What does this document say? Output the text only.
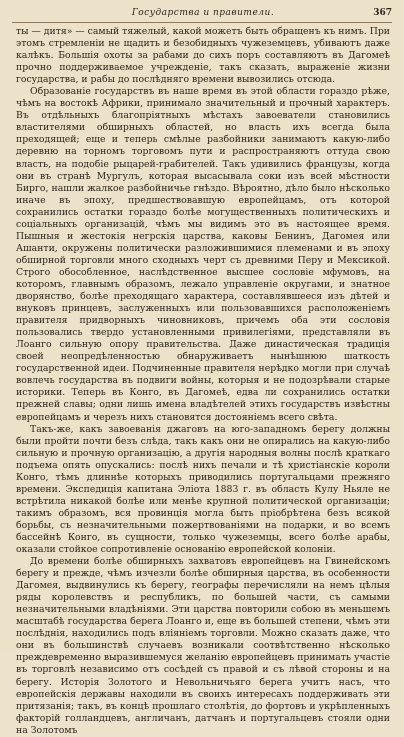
Государства и правители.	367

ты — дитя» — самый тяжелый, какой можетъ быть обращенъ къ нимъ. При этомъ стремленіи не щадить и безобидныхъ чужеземцевъ, убиваютъ даже калѣкъ. Большія охоты за рабами до сихъ поръ составляютъ въ Дагомеѣ прочно поддерживаемое учрежденіе, такъ сказать, выраженіе жизни государства, и рабы до послѣдняго времени вывозились отсюда.

Образованіе государствъ въ нашe время въ этой области гораздо рѣже, чѣмъ на востокѣ Африки, принимало значительный и прочный характеръ. Въ отдѣльныхъ благопріятныхъ мѣстахъ завоеватели становились властителями обширныхъ областей, но власть ихъ всегда была преходящей; еще и теперь смѣлые разбойники занимаютъ какую-либо деревню на торномъ торговомъ пути и распространяютъ оттуда свою власть, на подобіе рыцарей-грабителей. Такъ удивились французы, когда они въ странѣ Мургулъ, которая высасывала соки изъ всей мѣстности Бирго, нашли жалкое разбойничье гнѣздо. Вѣроятно, дѣло было нѣсколько иначе въ эпоху, предшествовавшую европейцамъ, отъ которой сохранились остатки гораздо болѣе могущественныхъ политическихъ и соціальныхъ организацій, чѣмъ мы видимъ это въ настоящее время. Пышныя и жестокія негрскія царства, каковы Бенинъ, Дагомея или Ашанти, окружены политически разложившимися племенами и въ эпоху обширной торговли много сходныхъ черт съ древними Перу и Мексикой. Строго обособленное, наслѣдственное высшее сословіе мфумовъ, на которомъ, главнымъ образомъ, лежало управленіе округами, и знатное дворянство, болѣе преходящаго характера, составлявшееся изъ дѣтей и внуковъ принцевъ, заслуженныхъ или пользовавшихся расположеніемъ правителя придворныхъ чиновниковъ, причемъ оба эти сословія пользовались твердо установленными привилегіями, представляли въ Лоанго сильную опору правительства. Даже династическая традиція своей неопредѣленностью обнаруживаетъ нынѣшнюю шаткость государственной идеи. Подчиненные правителя нерѣдко могли при случаѣ вовлечь государства въ подвиги войны, которыя и не подозрѣвали старые историки. Теперь въ Конго, въ Дагомеѣ, едва ли сохранились остатки прежней славы; одни лишь имена владѣтелей этихъ государствъ извѣстны европейцамъ и черезъ нихъ становятся достояніемъ всего свѣта.

Такъ-же, какъ завоеванія джаговъ на юго-западномъ берегу должны были пройти почти безъ слѣда, такъ какъ они не опирались на какую-либо сильную и прочную организацію, а другія народныя волны послѣ краткаго подъема опять опускались: послѣ нихъ печали и тѣ христіанскіе короли Конго, тѣмъ длиннѣе которыхъ приводились португальцами прежняго времени. Экспедиція капитана Эліота 1883 г. въ область Кулу Ньяле не встрѣтила никакой болѣе или менѣе крупной политической организаціи; такимъ образомъ, вся провинція могла быть пріобрѣтена безъ всякой борьбы, съ незначительными пожертвованіями на подарки, и во всемъ бассейнѣ Конго, въ сущности, только чужеземцы, всего болѣе арабы, оказали стойкое сопротивленіе основанію европейской колоніи.

До времени болѣе обширныхъ захватовъ европейцевъ на Гвинейскомъ берегу и прежде, чѣмъ изчезли болѣе обширныя царства, въ особенности Дагомея, выдвинулись къ берегу, географы перечисляли на немъ цѣлыя ряды королевствъ и республикъ, по большей части, съ самыми незначительными владѣніями. Эти царства повторили собою въ меньшемъ масштабѣ государства берега Лоанго и, еще въ большей степени, чѣмъ эти послѣднія, находились подъ вліяніемъ торговли. Можно сказать даже, что они въ большинствѣ случаевъ возникали соотвѣтственно нѣсколько преждевременно выразившемуся желанію европейцевъ принимать участіе въ торговлѣ независимо отъ сосѣдей съ правой и съ лѣвой стороны и на берегу. Исторія Золотого и Невольничьяго берега учитъ насъ, что европейскія державы находили въ своихъ интересахъ поддерживать эти притязанія; такъ, въ концѣ прошлаго столѣтія, до фортовъ и укрѣпленныхъ факторій голландцевъ, англичанъ, датчанъ и португальцевъ стояли одни на Золотомъ
